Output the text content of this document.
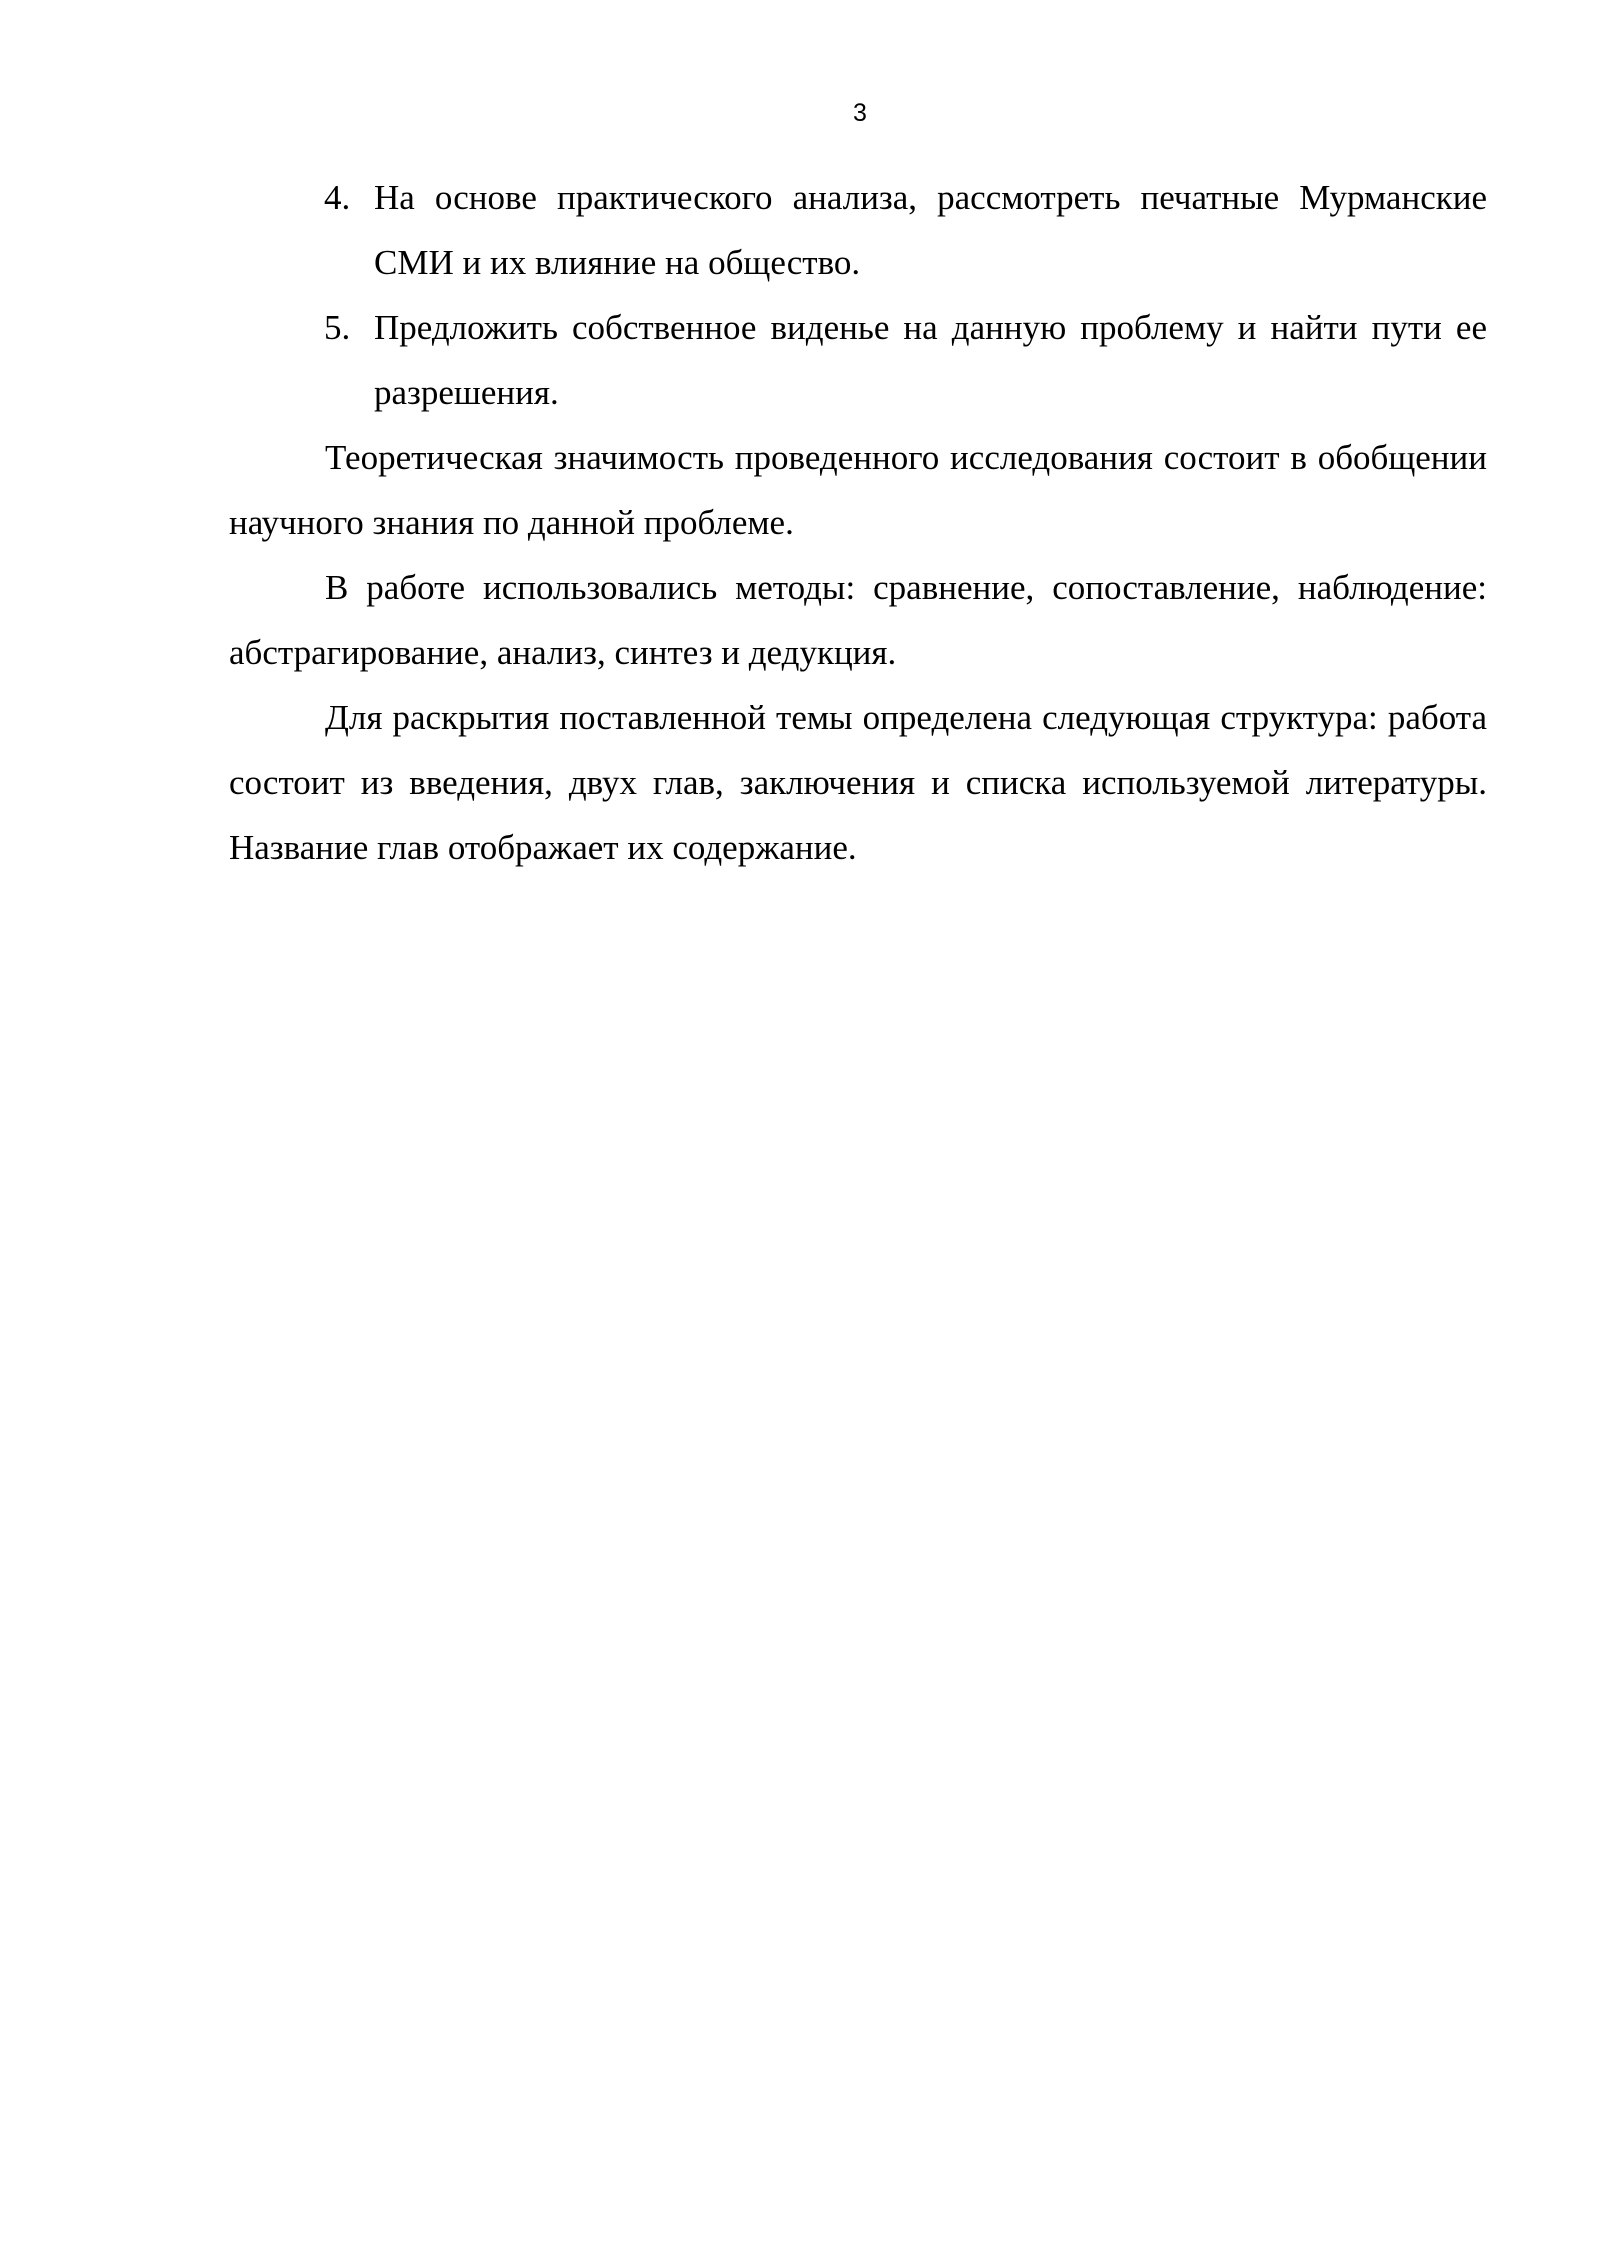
3
4. На основе практического анализа, рассмотреть печатные Мурманские СМИ и их влияние на общество.
5. Предложить собственное виденье на данную проблему и найти пути ее разрешения.

Теоретическая значимость проведенного исследования состоит в обобщении научного знания по данной проблеме.

В работе использовались методы: сравнение, сопоставление, наблюдение: абстрагирование, анализ, синтез и дедукция.

Для раскрытия поставленной темы определена следующая структура: работа состоит из введения, двух глав, заключения и списка используемой литературы. Название глав отображает их содержание.
